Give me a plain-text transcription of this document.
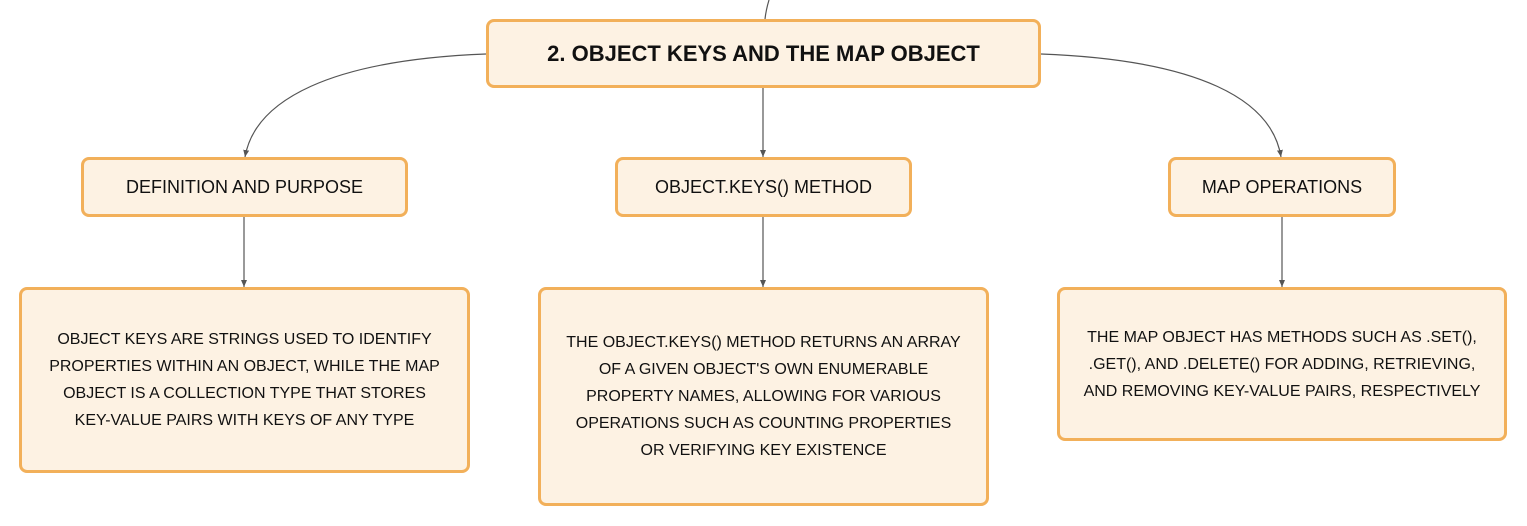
2. OBJECT KEYS AND THE MAP OBJECT
DEFINITION AND PURPOSE	OBJECT.KEYS() METHOD	MAP OPERATIONS
OBJECT KEYS ARE STRINGS USED TO IDENTIFY PROPERTIES WITHIN AN OBJECT, WHILE THE MAP OBJECT IS A COLLECTION TYPE THAT STORES KEY-VALUE PAIRS WITH KEYS OF ANY TYPE
THE OBJECT.KEYS() METHOD RETURNS AN ARRAY OF A GIVEN OBJECT'S OWN ENUMERABLE PROPERTY NAMES, ALLOWING FOR VARIOUS OPERATIONS SUCH AS COUNTING PROPERTIES OR VERIFYING KEY EXISTENCE
THE MAP OBJECT HAS METHODS SUCH AS .SET(), .GET(), AND .DELETE() FOR ADDING, RETRIEVING, AND REMOVING KEY-VALUE PAIRS, RESPECTIVELY
